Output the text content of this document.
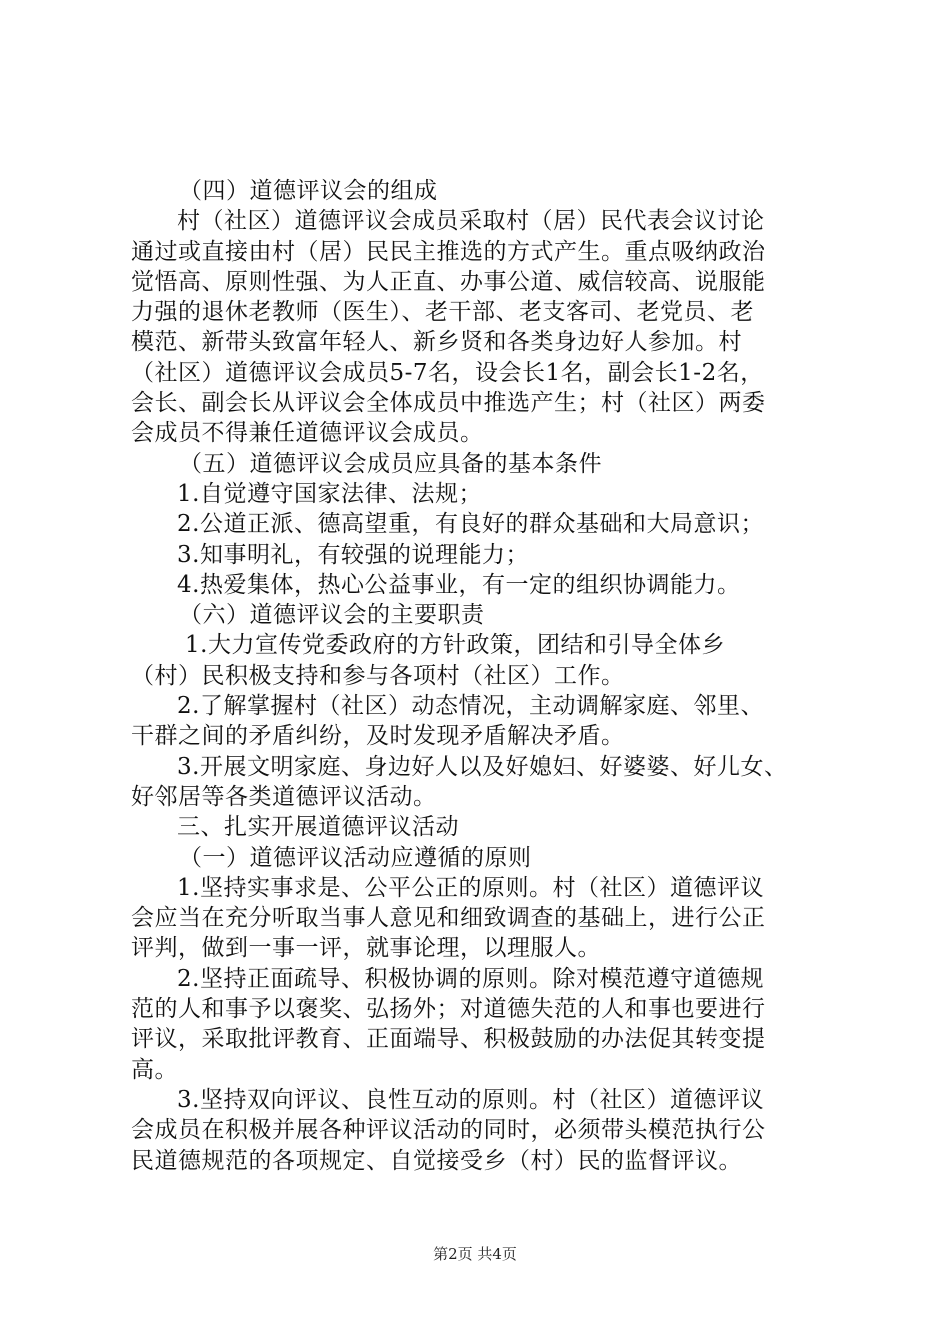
（四）道德评议会的组成
村（社区）道德评议会成员采取村（居）民代表会议讨论
通过或直接由村（居）民民主推选的方式产生。重点吸纳政治
觉悟高、原则性强、为人正直、办事公道、威信较高、说服能
力强的退休老教师（医生）、老干部、老支客司、老党员、老
模范、新带头致富年轻人、新乡贤和各类身边好人参加。村
（社区）道德评议会成员5-7名，设会长1名，副会长1-2名，
会长、副会长从评议会全体成员中推选产生；村（社区）两委
会成员不得兼任道德评议会成员。
（五）道德评议会成员应具备的基本条件
1.自觉遵守国家法律、法规；
2.公道正派、德高望重，有良好的群众基础和大局意识；
3.知事明礼，有较强的说理能力；
4.热爱集体，热心公益事业，有一定的组织协调能力。
（六）道德评议会的主要职责
1.大力宣传党委政府的方针政策，团结和引导全体乡
（村）民积极支持和参与各项村（社区）工作。
2.了解掌握村（社区）动态情况，主动调解家庭、邻里、
干群之间的矛盾纠纷，及时发现矛盾解决矛盾。
3.开展文明家庭、身边好人以及好媳妇、好婆婆、好儿女、
好邻居等各类道德评议活动。
三、扎实开展道德评议活动
（一）道德评议活动应遵循的原则
1.坚持实事求是、公平公正的原则。村（社区）道德评议
会应当在充分听取当事人意见和细致调查的基础上，进行公正
评判，做到一事一评，就事论理，以理服人。
2.坚持正面疏导、积极协调的原则。除对模范遵守道德规
范的人和事予以褒奖、弘扬外；对道德失范的人和事也要进行
评议，采取批评教育、正面端导、积极鼓励的办法促其转变提
高。
3.坚持双向评议、良性互动的原则。村（社区）道德评议
会成员在积极并展各种评议活动的同时，必须带头模范执行公
民道德规范的各项规定、自觉接受乡（村）民的监督评议。
第2页 共4页
